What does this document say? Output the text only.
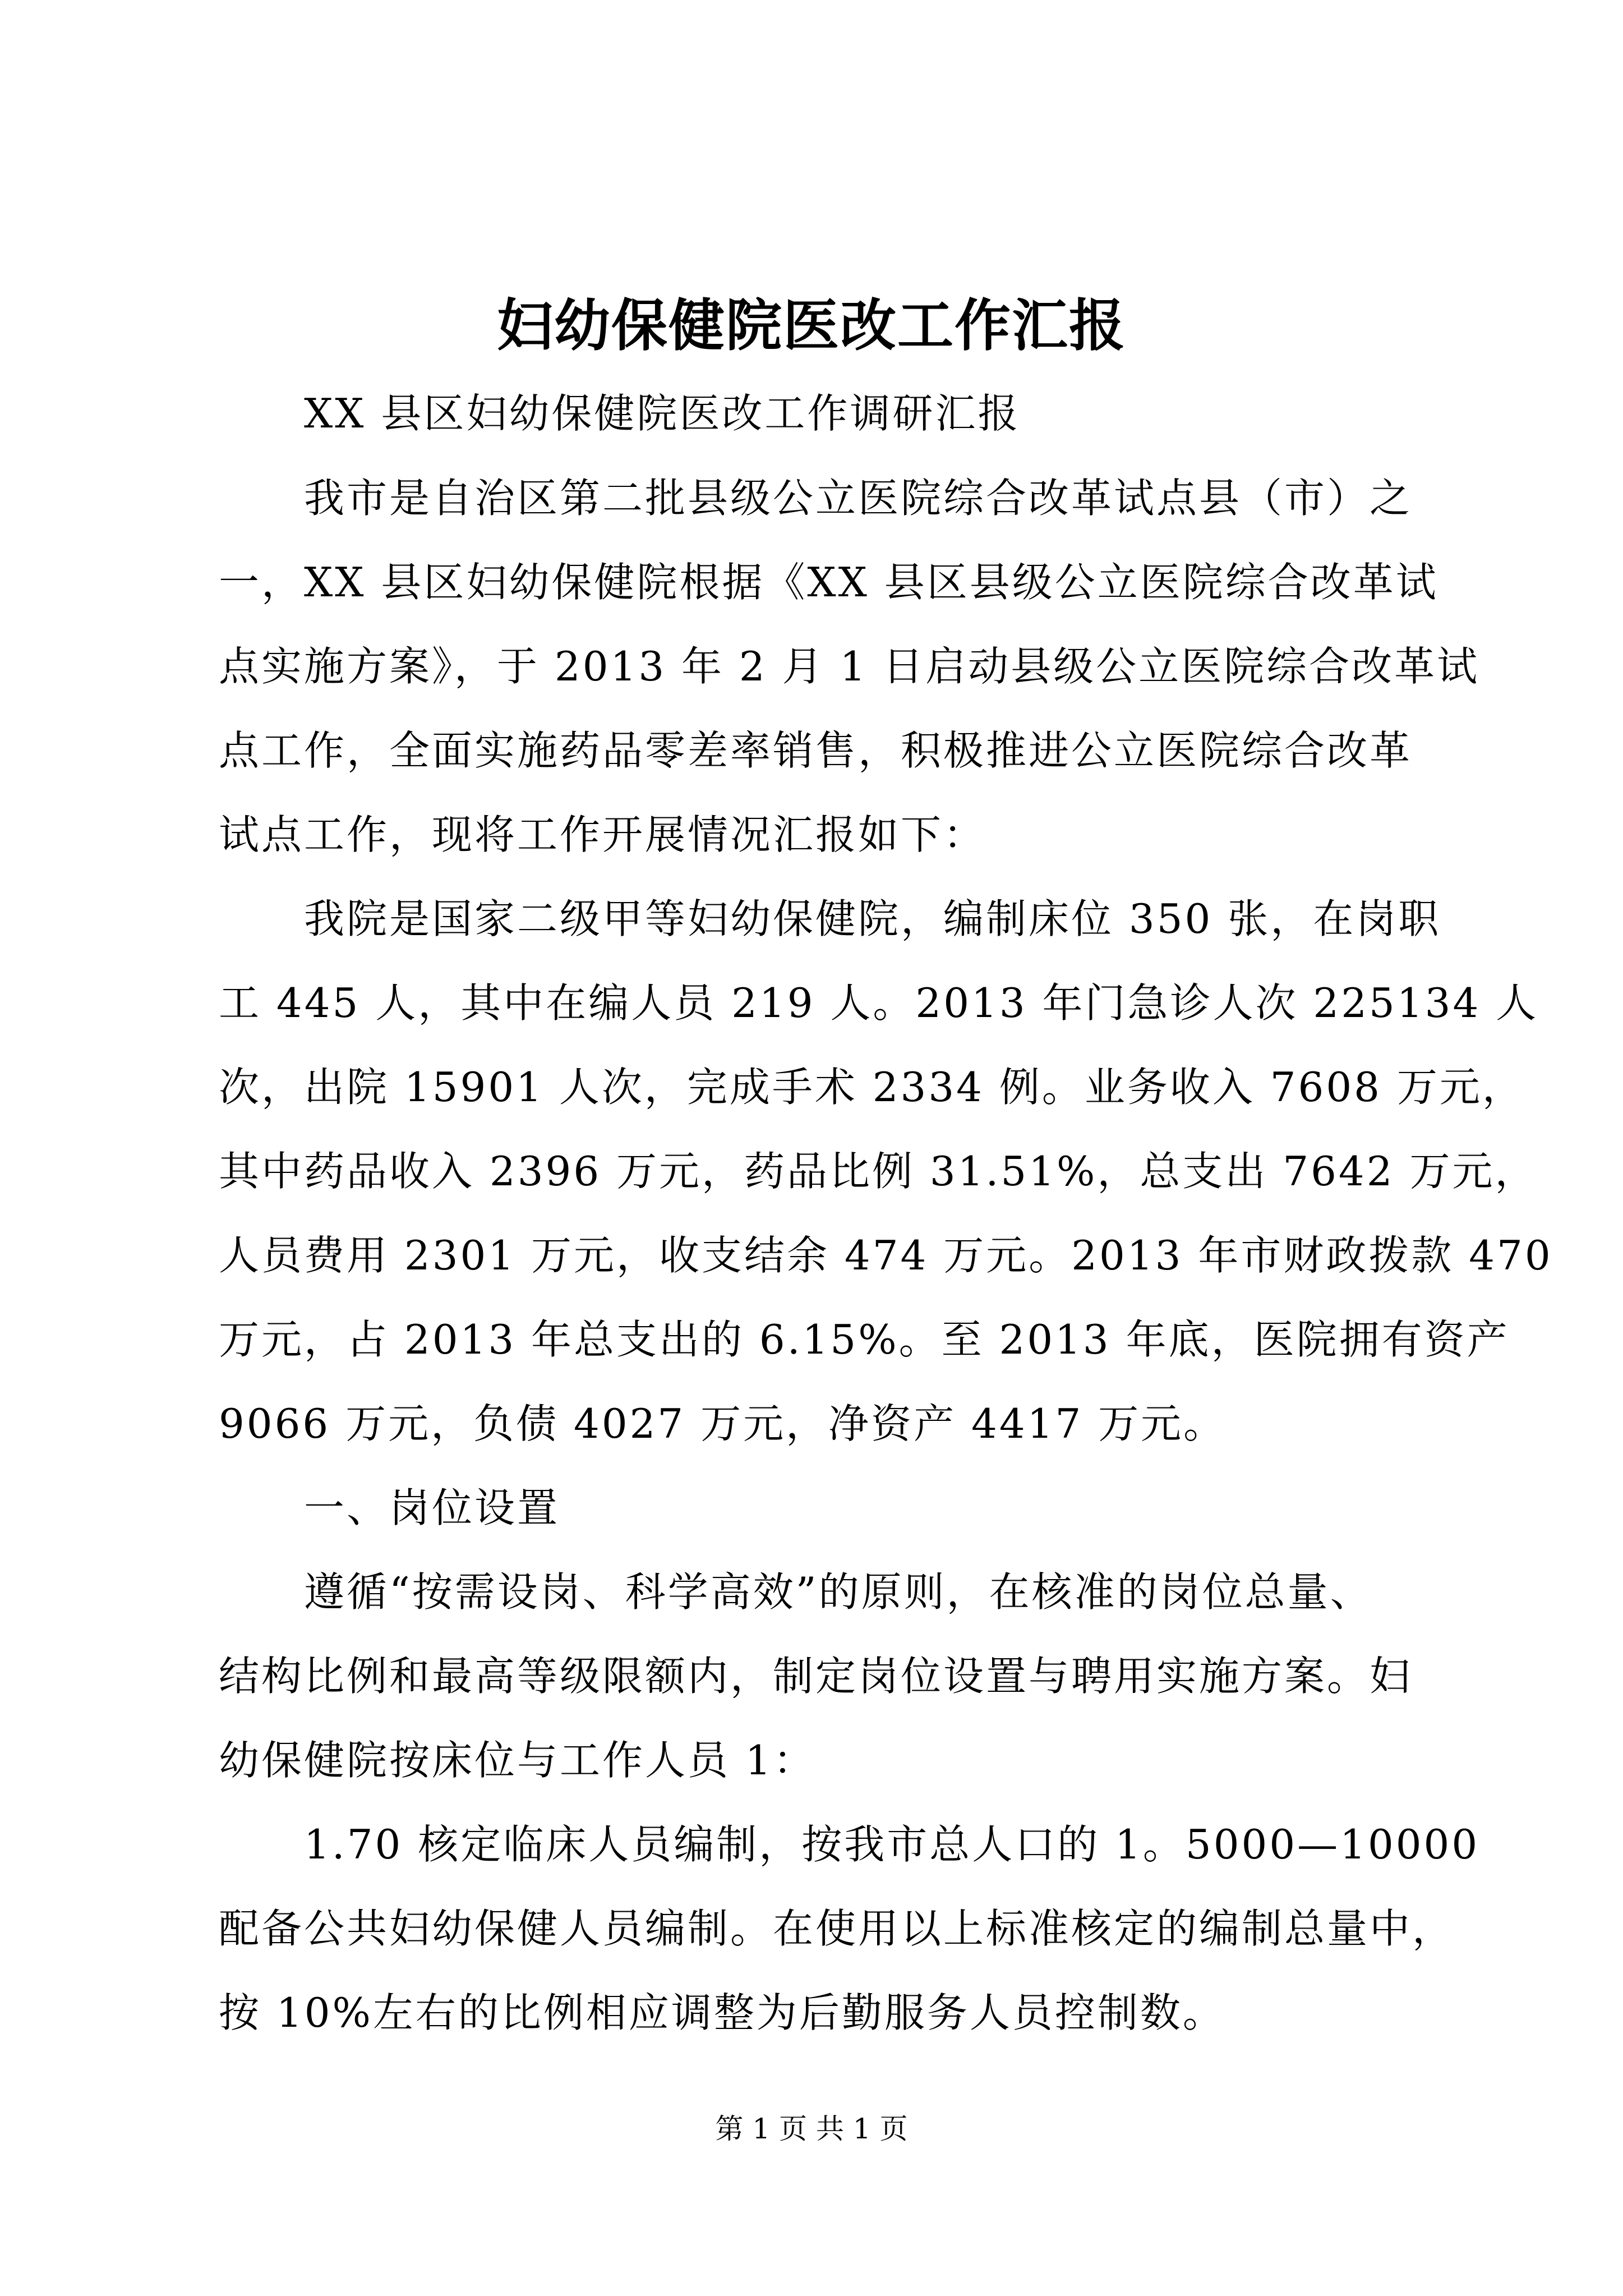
妇幼保健院医改工作汇报
XX 县区妇幼保健院医改工作调研汇报
我市是自治区第二批县级公立医院综合改革试点县（市）之
一，XX 县区妇幼保健院根据《XX 县区县级公立医院综合改革试
点实施方案》，于 2013 年 2 月 1 日启动县级公立医院综合改革试
点工作，全面实施药品零差率销售，积极推进公立医院综合改革
试点工作，现将工作开展情况汇报如下：
我院是国家二级甲等妇幼保健院，编制床位 350 张，在岗职
工 445 人，其中在编人员 219 人。2013 年门急诊人次 225134 人
次，出院 15901 人次，完成手术 2334 例。业务收入 7608 万元，
其中药品收入 2396 万元，药品比例 31.51%，总支出 7642 万元，
人员费用 2301 万元，收支结余 474 万元。2013 年市财政拨款 470
万元，占 2013 年总支出的 6.15%。至 2013 年底，医院拥有资产
9066 万元，负债 4027 万元，净资产 4417 万元。
一、岗位设置
遵循“按需设岗、科学高效”的原则，在核准的岗位总量、
结构比例和最高等级限额内，制定岗位设置与聘用实施方案。妇
幼保健院按床位与工作人员 1：
1.70 核定临床人员编制，按我市总人口的 1。5000—10000
配备公共妇幼保健人员编制。在使用以上标准核定的编制总量中，
按 10%左右的比例相应调整为后勤服务人员控制数。
第 1 页 共 1 页
